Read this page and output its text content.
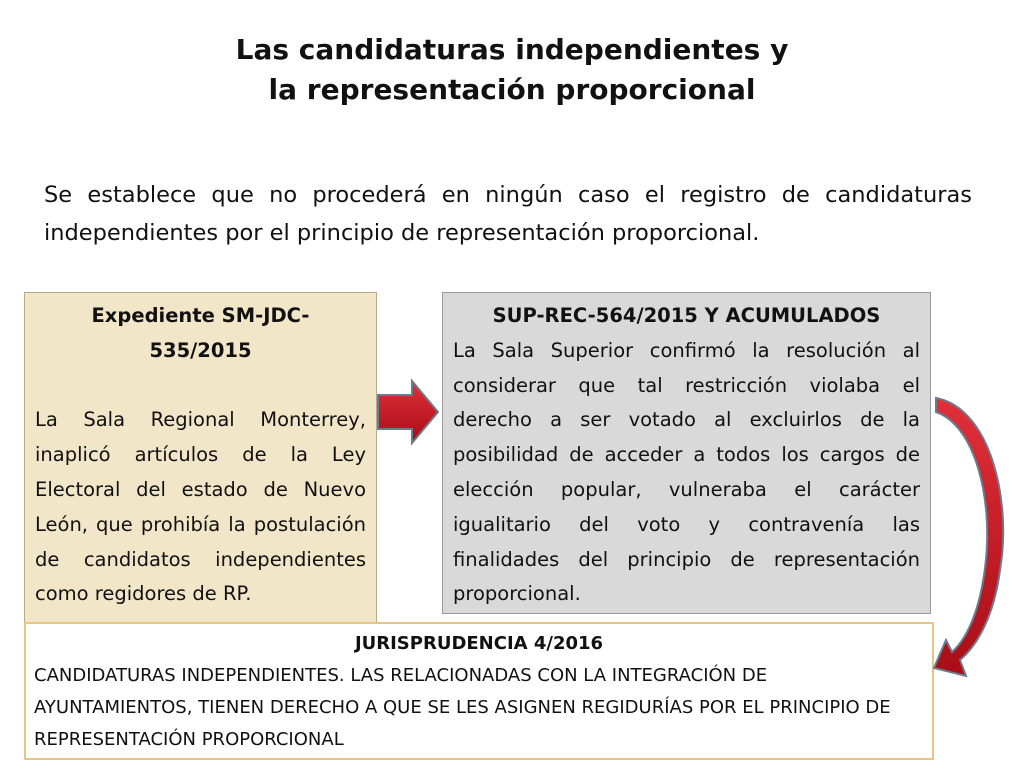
Las candidaturas independientes y
la representación proporcional
Se establece que no procederá en ningún caso el registro de candidaturas independientes por el principio de representación proporcional.
Expediente SM-JDC-
535/2015
La Sala Regional Monterrey, inaplicó artículos de la Ley Electoral del estado de Nuevo León, que prohibía la postulación de candidatos independientes como regidores de RP.
SUP-REC-564/2015 Y ACUMULADOS
La Sala Superior confirmó la resolución al considerar que tal restricción violaba el derecho a ser votado al excluirlos de la posibilidad de acceder a todos los cargos de elección popular, vulneraba el carácter igualitario del voto y contravenía las finalidades del principio de representación proporcional.
JURISPRUDENCIA 4/2016
CANDIDATURAS INDEPENDIENTES. LAS RELACIONADAS CON LA INTEGRACIÓN DE AYUNTAMIENTOS, TIENEN DERECHO A QUE SE LES ASIGNEN REGIDURÍAS POR EL PRINCIPIO DE REPRESENTACIÓN PROPORCIONAL
